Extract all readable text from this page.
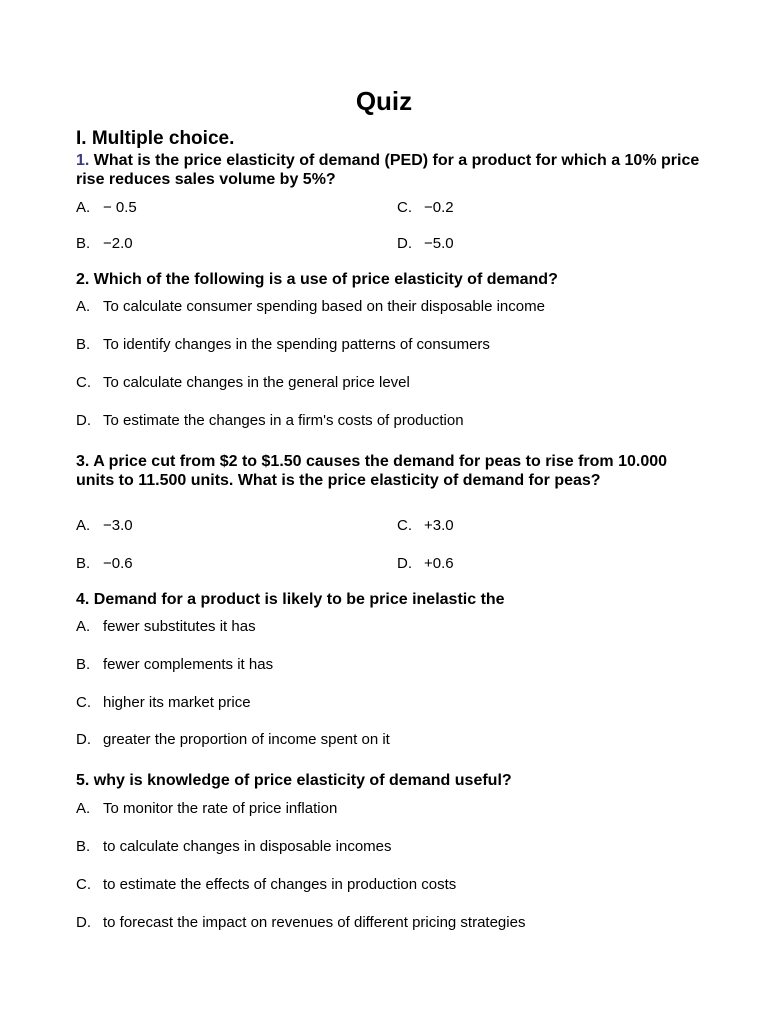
Quiz
I. Multiple choice.
1. What is the price elasticity of demand (PED) for a product for which a 10% price rise reduces sales volume by 5%?
A. − 0.5	C. −0.2
B. −2.0	D. −5.0
2. Which of the following is a use of price elasticity of demand?
A. To calculate consumer spending based on their disposable income
B. To identify changes in the spending patterns of consumers
C. To calculate changes in the general price level
D. To estimate the changes in a firm's costs of production
3. A price cut from $2 to $1.50 causes the demand for peas to rise from 10.000 units to 11.500 units. What is the price elasticity of demand for peas?
A. −3.0	C. +3.0
B. −0.6	D. +0.6
4. Demand for a product is likely to be price inelastic the
A. fewer substitutes it has
B. fewer complements it has
C. higher its market price
D. greater the proportion of income spent on it
5. why is knowledge of price elasticity of demand useful?
A. To monitor the rate of price inflation
B. to calculate changes in disposable incomes
C. to estimate the effects of changes in production costs
D. to forecast the impact on revenues of different pricing strategies
